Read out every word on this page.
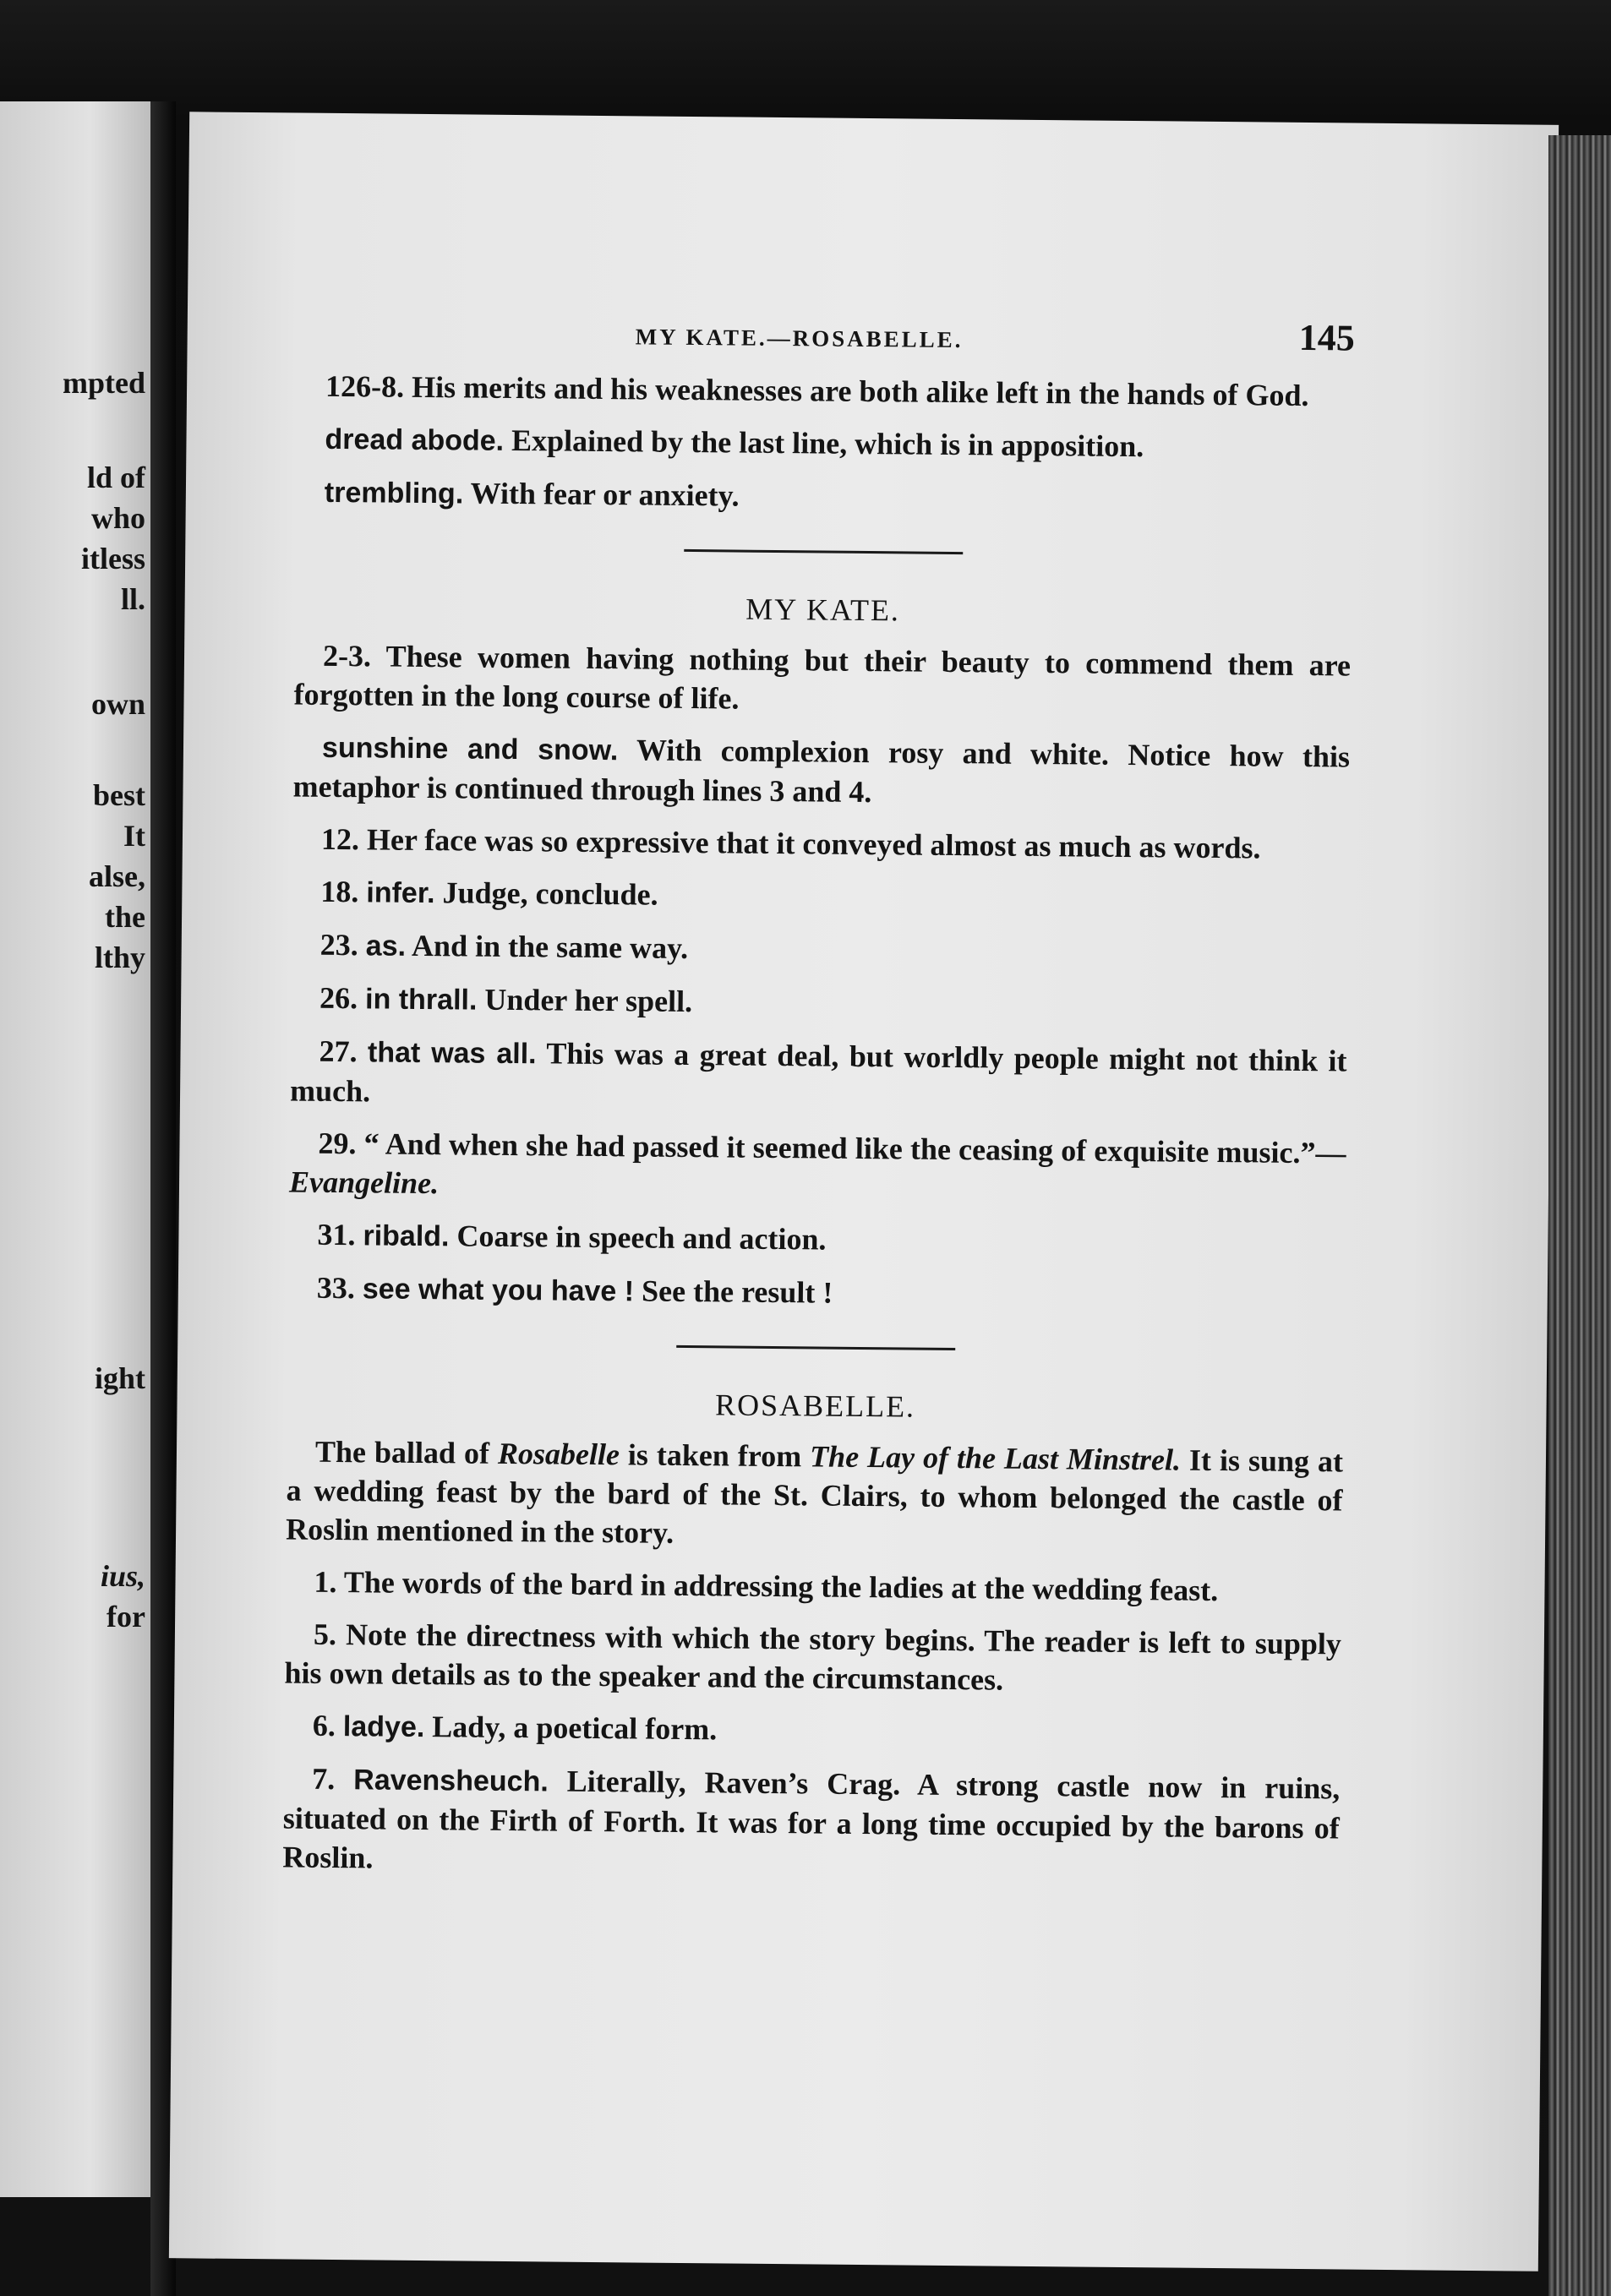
mpted
ld of
who
itless
ll.
own
best
It
alse,
the
lthy
ight
ius,
for
MY KATE.—ROSABELLE.	145

126-8. His merits and his weaknesses are both alike left in the hands of God.

dread abode. Explained by the last line, which is in apposition.

trembling. With fear or anxiety.

MY KATE.

2-3. These women having nothing but their beauty to commend them are forgotten in the long course of life.

sunshine and snow. With complexion rosy and white. Notice how this metaphor is continued through lines 3 and 4.

12. Her face was so expressive that it conveyed almost as much as words.

18. infer. Judge, conclude.

23. as. And in the same way.

26. in thrall. Under her spell.

27. that was all. This was a great deal, but worldly people might not think it much.

29. “ And when she had passed it seemed like the ceasing of exquisite music.”—Evangeline.

31. ribald. Coarse in speech and action.

33. see what you have ! See the result !

ROSABELLE.

The ballad of Rosabelle is taken from The Lay of the Last Minstrel. It is sung at a wedding feast by the bard of the St. Clairs, to whom belonged the castle of Roslin mentioned in the story.

1. The words of the bard in addressing the ladies at the wedding feast.

5. Note the directness with which the story begins. The reader is left to supply his own details as to the speaker and the circumstances.

6. ladye. Lady, a poetical form.

7. Ravensheuch. Literally, Raven’s Crag. A strong castle now in ruins, situated on the Firth of Forth. It was for a long time occupied by the barons of Roslin.
